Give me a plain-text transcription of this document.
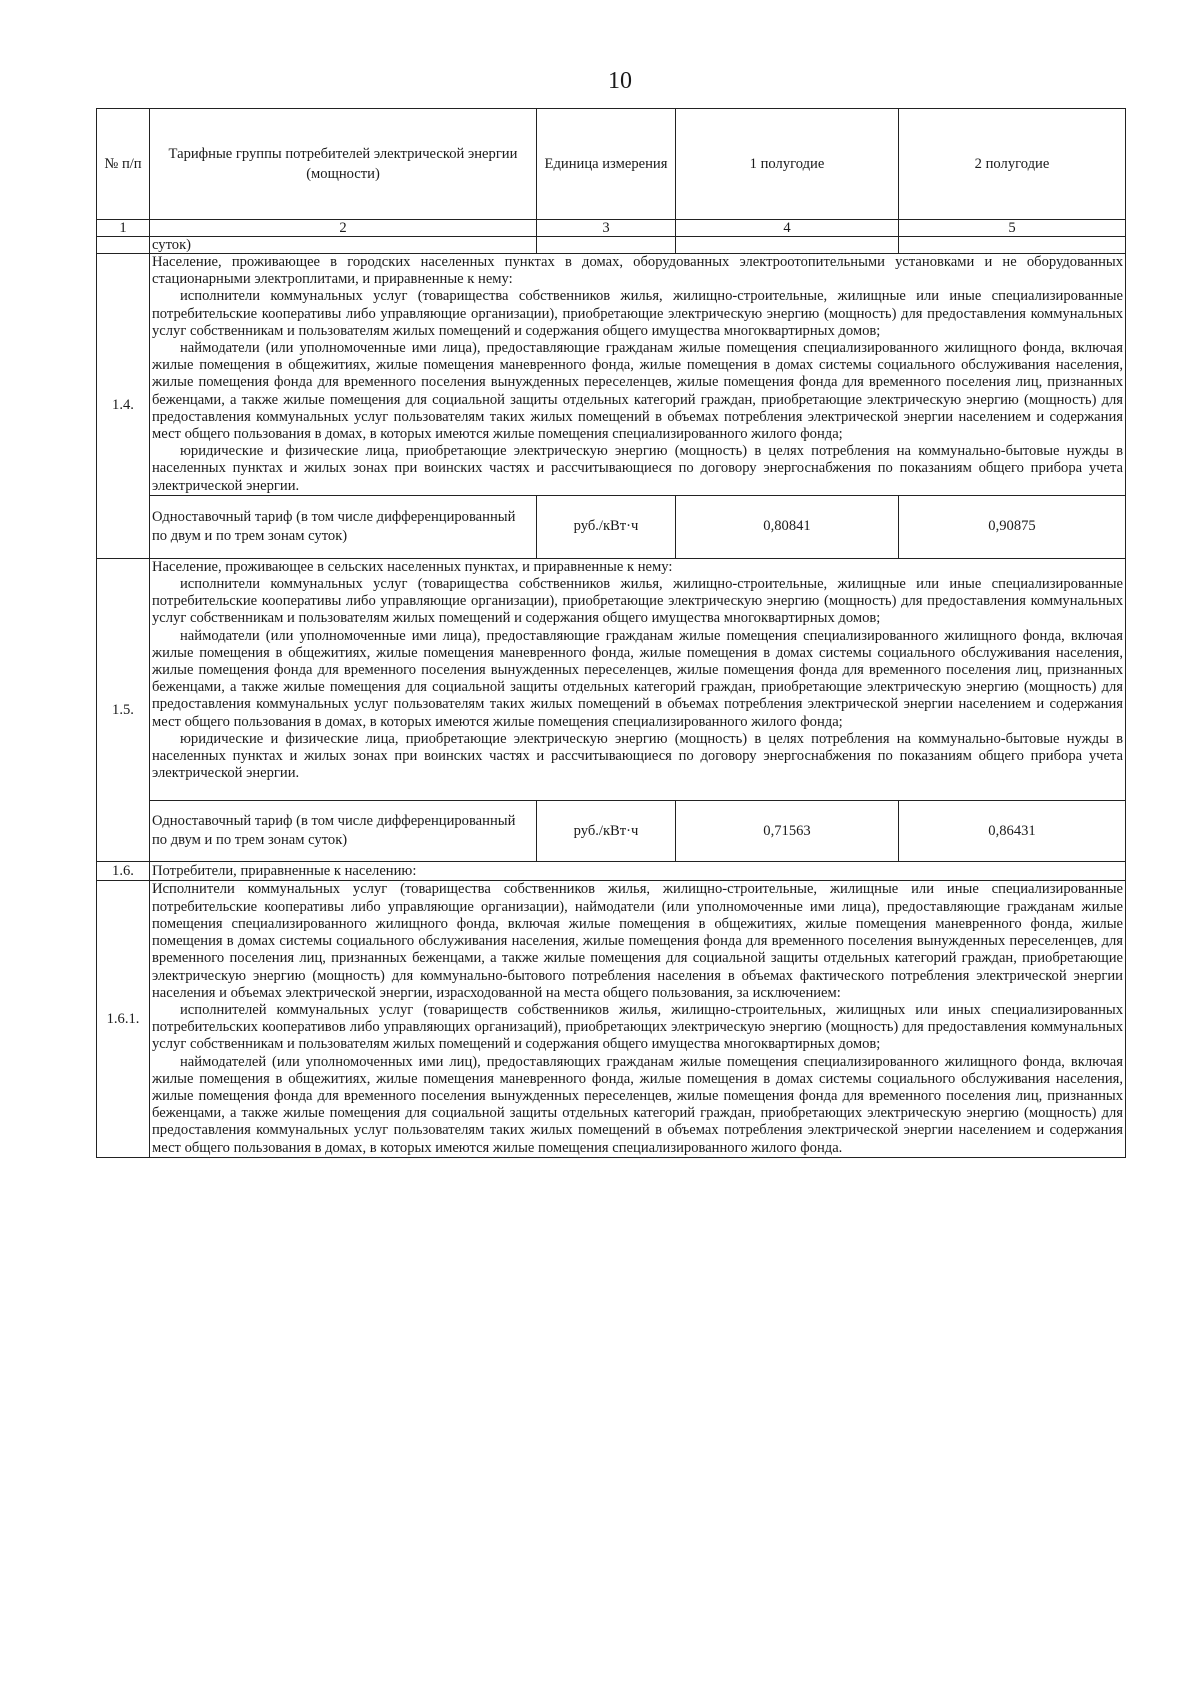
10
№ п/п	Тарифные группы потребителей электрической энергии (мощности)	Единица измерения	1 полугодие	2 полугодие
1	2	3	4	5
	суток)			
1.4.	Население, проживающее в городских населенных пунктах в домах, оборудованных электроотопительными установками и не оборудованных стационарными электроплитами, и приравненные к нему:

исполнители коммунальных услуг (товарищества собственников жилья, жилищно-строительные, жилищные или иные специализированные потребительские кооперативы либо управляющие организации), приобретающие электрическую энергию (мощность) для предоставления коммунальных услуг собственникам и пользователям жилых помещений и содержания общего имущества многоквартирных домов;

наймодатели (или уполномоченные ими лица), предоставляющие гражданам жилые помещения специализированного жилищного фонда, включая жилые помещения в общежитиях, жилые помещения маневренного фонда, жилые помещения в домах системы социального обслуживания населения, жилые помещения фонда для временного поселения вынужденных переселенцев, жилые помещения фонда для временного поселения лиц, признанных беженцами, а также жилые помещения для социальной защиты отдельных категорий граждан, приобретающие электрическую энергию (мощность) для предоставления коммунальных услуг пользователям таких жилых помещений в объемах потребления электрической энергии населением и содержания мест общего пользования в домах, в которых имеются жилые помещения специализированного жилого фонда;

юридические и физические лица, приобретающие электрическую энергию (мощность) в целях потребления на коммунально-бытовые нужды в населенных пунктах и жилых зонах при воинских частях и рассчитывающиеся по договору энергоснабжения по показаниям общего прибора учета электрической энергии.			

	Одноставочный тариф (в том числе дифференцированный по двум и по трем зонам суток)	руб./кВт·ч	0,80841	0,90875
1.5.	Население, проживающее в сельских населенных пунктах, и приравненные к нему:

исполнители коммунальных услуг (товарищества собственников жилья, жилищно-строительные, жилищные или иные специализированные потребительские кооперативы либо управляющие организации), приобретающие электрическую энергию (мощность) для предоставления коммунальных услуг собственникам и пользователям жилых помещений и содержания общего имущества многоквартирных домов;

наймодатели (или уполномоченные ими лица), предоставляющие гражданам жилые помещения специализированного жилищного фонда, включая жилые помещения в общежитиях, жилые помещения маневренного фонда, жилые помещения в домах системы социального обслуживания населения, жилые помещения фонда для временного поселения вынужденных переселенцев, жилые помещения фонда для временного поселения лиц, признанных беженцами, а также жилые помещения для социальной защиты отдельных категорий граждан, приобретающие электрическую энергию (мощность) для предоставления коммунальных услуг пользователям таких жилых помещений в объемах потребления электрической энергии населением и содержания мест общего пользования в домах, в которых имеются жилые помещения специализированного жилого фонда;

юридические и физические лица, приобретающие электрическую энергию (мощность) в целях потребления на коммунально-бытовые нужды в населенных пунктах и жилых зонах при воинских частях и рассчитывающиеся по договору энергоснабжения по показаниям общего прибора учета электрической энергии.			

	Одноставочный тариф (в том числе дифференцированный по двум и по трем зонам суток)	руб./кВт·ч	0,71563	0,86431
1.6.	Потребители, приравненные к населению:			
1.6.1.	Исполнители коммунальных услуг (товарищества собственников жилья, жилищно-строительные, жилищные или иные специализированные потребительские кооперативы либо управляющие организации), наймодатели (или уполномоченные ими лица), предоставляющие гражданам жилые помещения специализированного жилищного фонда, включая жилые помещения в общежитиях, жилые помещения маневренного фонда, жилые помещения в домах системы социального обслуживания населения, жилые помещения фонда для временного поселения вынужденных переселенцев, для временного поселения лиц, признанных беженцами, а также жилые помещения для социальной защиты отдельных категорий граждан, приобретающие электрическую энергию (мощность) для коммунально-бытового потребления населения в объемах фактического потребления электрической энергии населения и объемах электрической энергии, израсходованной на места общего пользования, за исключением:

исполнителей коммунальных услуг (товариществ собственников жилья, жилищно-строительных, жилищных или иных специализированных потребительских кооперативов либо управляющих организаций), приобретающих электрическую энергию (мощность) для предоставления коммунальных услуг собственникам и пользователям жилых помещений и содержания общего имущества многоквартирных домов;

наймодателей (или уполномоченных ими лиц), предоставляющих гражданам жилые помещения специализированного жилищного фонда, включая жилые помещения в общежитиях, жилые помещения маневренного фонда, жилые помещения в домах системы социального обслуживания населения, жилые помещения фонда для временного поселения вынужденных переселенцев, жилые помещения фонда для временного поселения лиц, признанных беженцами, а также жилые помещения для социальной защиты отдельных категорий граждан, приобретающих электрическую энергию (мощность) для предоставления коммунальных услуг пользователям таких жилых помещений в объемах потребления электрической энергии населением и содержания мест общего пользования в домах, в которых имеются жилые помещения специализированного жилого фонда.			
